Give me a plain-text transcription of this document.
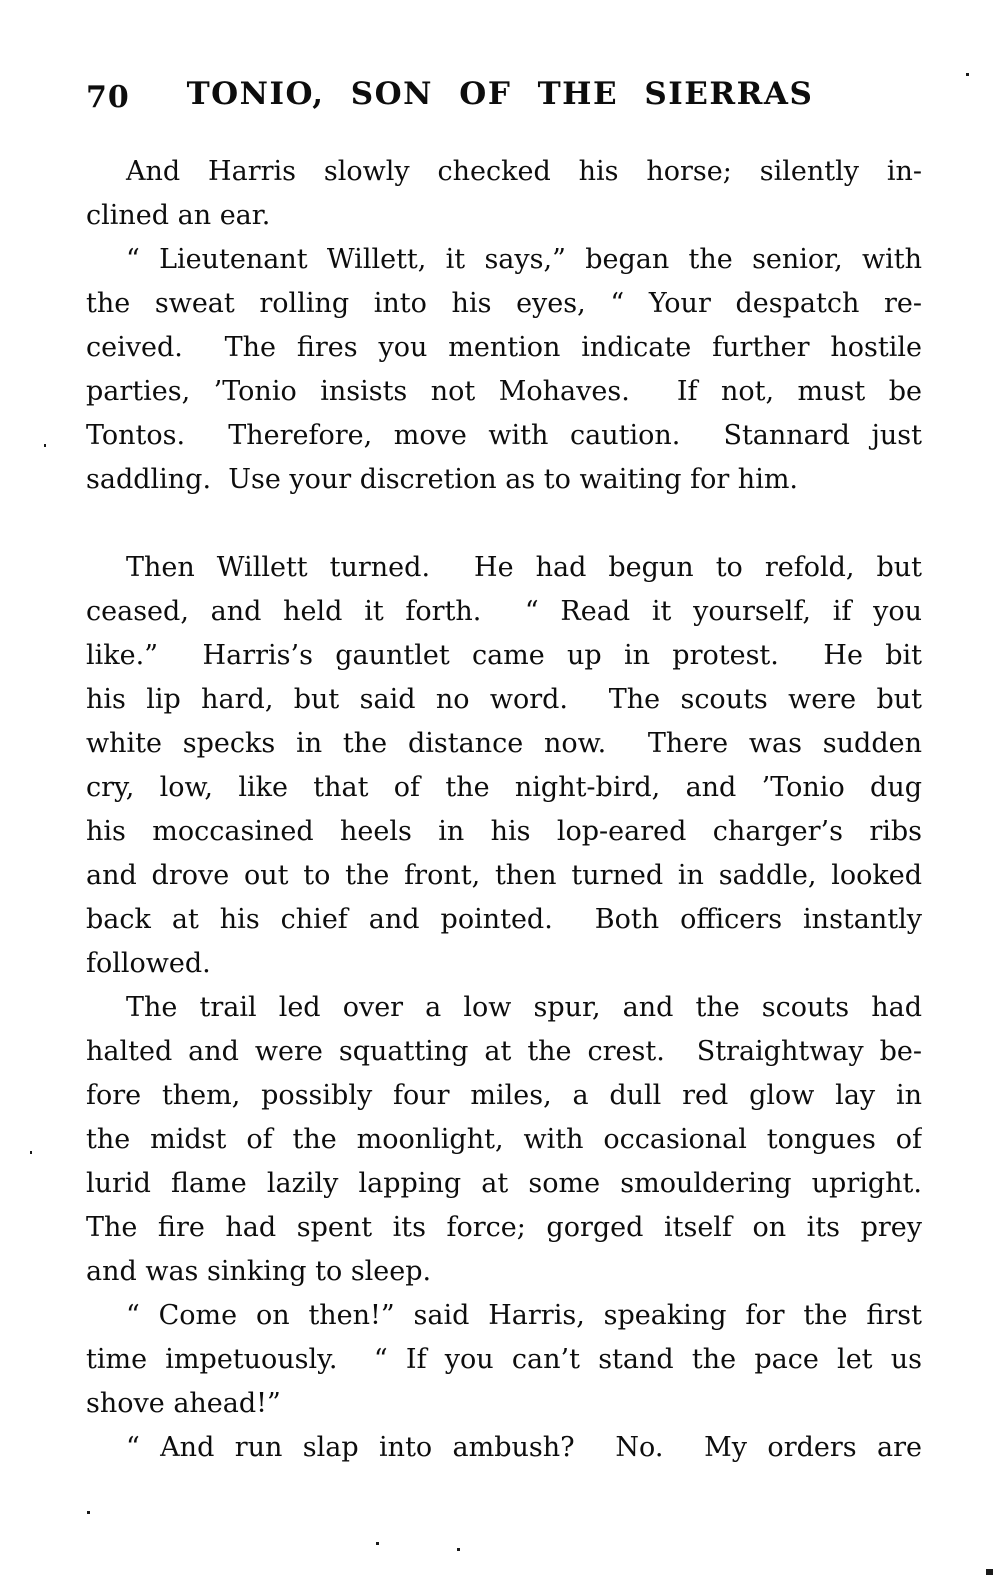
70	TONIO, SON OF THE SIERRAS
And Harris slowly checked his horse; silently in-
clined an ear.
“ Lieutenant Willett, it says,” began the senior, with
the sweat rolling into his eyes, “ Your despatch re-
ceived.  The fires you mention indicate further hostile
parties, ’Tonio insists not Mohaves.  If not, must be
Tontos.  Therefore, move with caution.  Stannard just
saddling.  Use your discretion as to waiting for him.

Then Willett turned.  He had begun to refold, but
ceased, and held it forth.  “ Read it yourself, if you
like.”  Harris’s gauntlet came up in protest.  He bit
his lip hard, but said no word.  The scouts were but
white specks in the distance now.  There was sudden
cry, low, like that of the night-bird, and ’Tonio dug
his moccasined heels in his lop-eared charger’s ribs
and drove out to the front, then turned in saddle, looked
back at his chief and pointed.  Both officers instantly
followed.
The trail led over a low spur, and the scouts had
halted and were squatting at the crest.  Straightway be-
fore them, possibly four miles, a dull red glow lay in
the midst of the moonlight, with occasional tongues of
lurid flame lazily lapping at some smouldering upright.
The fire had spent its force; gorged itself on its prey
and was sinking to sleep.
“ Come on then!” said Harris, speaking for the first
time impetuously.  “ If you can’t stand the pace let us
shove ahead!”
“ And run slap into ambush?  No.  My orders are
